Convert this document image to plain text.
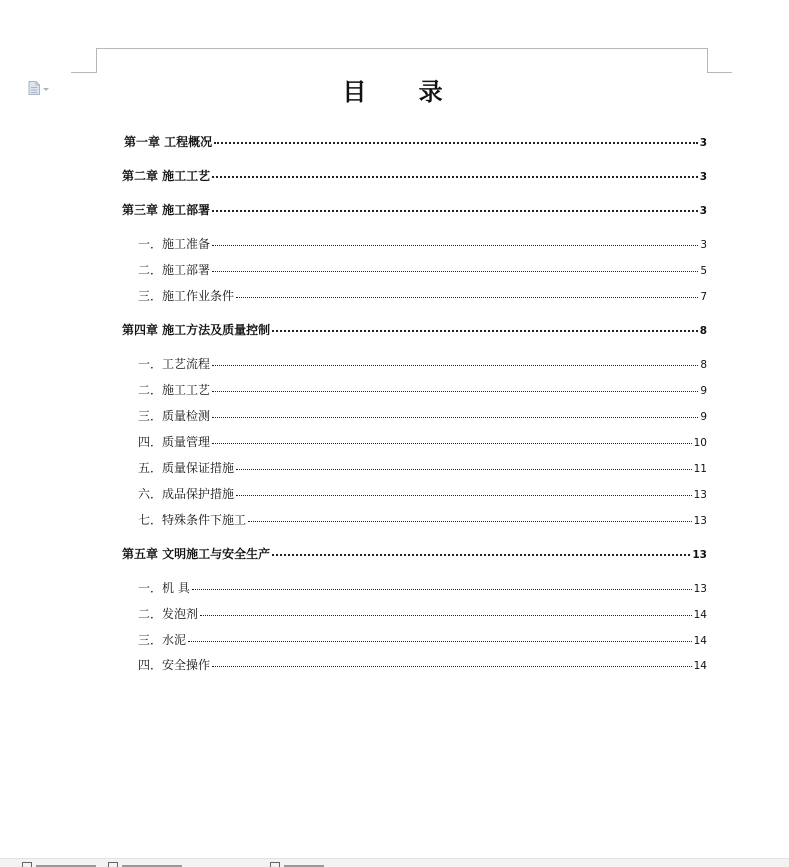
目 录
第一章 工程概况	3
第二章 施工工艺	3
第三章 施工部署	3
一．施工准备	3
二．施工部署	5
三．施工作业条件	7
第四章 施工方法及质量控制	8
一．工艺流程	8
二．施工工艺	9
三．质量检测	9
四．质量管理	10
五．质量保证措施	11
六．成品保护措施	13
七．特殊条件下施工	13
第五章 文明施工与安全生产	13
一．机 具	13
二．发泡剂	14
三．水泥	14
四．安全操作	14
